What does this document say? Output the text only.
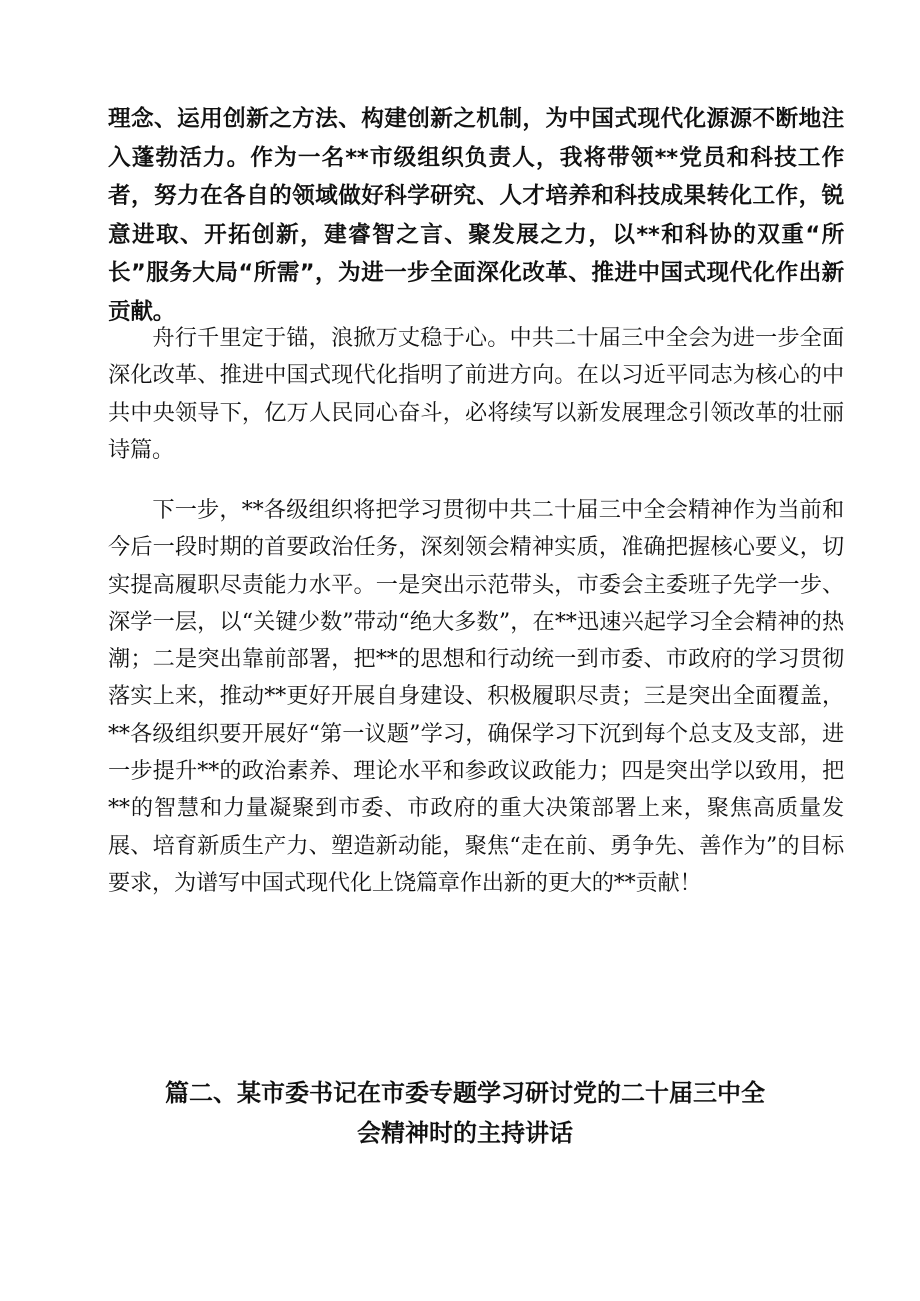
理念、运用创新之方法、构建创新之机制，为中国式现代化源源不断地注入蓬勃活力。作为一名**市级组织负责人，我将带领**党员和科技工作者，努力在各自的领域做好科学研究、人才培养和科技成果转化工作，锐意进取、开拓创新，建睿智之言、聚发展之力，以**和科协的双重“所长”服务大局“所需”，为进一步全面深化改革、推进中国式现代化作出新贡献。

舟行千里定于锚，浪掀万丈稳于心。中共二十届三中全会为进一步全面深化改革、推进中国式现代化指明了前进方向。在以习近平同志为核心的中共中央领导下，亿万人民同心奋斗，必将续写以新发展理念引领改革的壮丽诗篇。

下一步，**各级组织将把学习贯彻中共二十届三中全会精神作为当前和今后一段时期的首要政治任务，深刻领会精神实质，准确把握核心要义，切实提高履职尽责能力水平。一是突出示范带头，市委会主委班子先学一步、深学一层，以“关键少数”带动“绝大多数”，在**迅速兴起学习全会精神的热潮；二是突出靠前部署，把**的思想和行动统一到市委、市政府的学习贯彻落实上来，推动**更好开展自身建设、积极履职尽责；三是突出全面覆盖，**各级组织要开展好“第一议题”学习，确保学习下沉到每个总支及支部，进一步提升**的政治素养、理论水平和参政议政能力；四是突出学以致用，把**的智慧和力量凝聚到市委、市政府的重大决策部署上来，聚焦高质量发展、培育新质生产力、塑造新动能，聚焦“走在前、勇争先、善作为”的目标要求，为谱写中国式现代化上饶篇章作出新的更大的**贡献！

篇二、某市委书记在市委专题学习研讨党的二十届三中全
会精神时的主持讲话
